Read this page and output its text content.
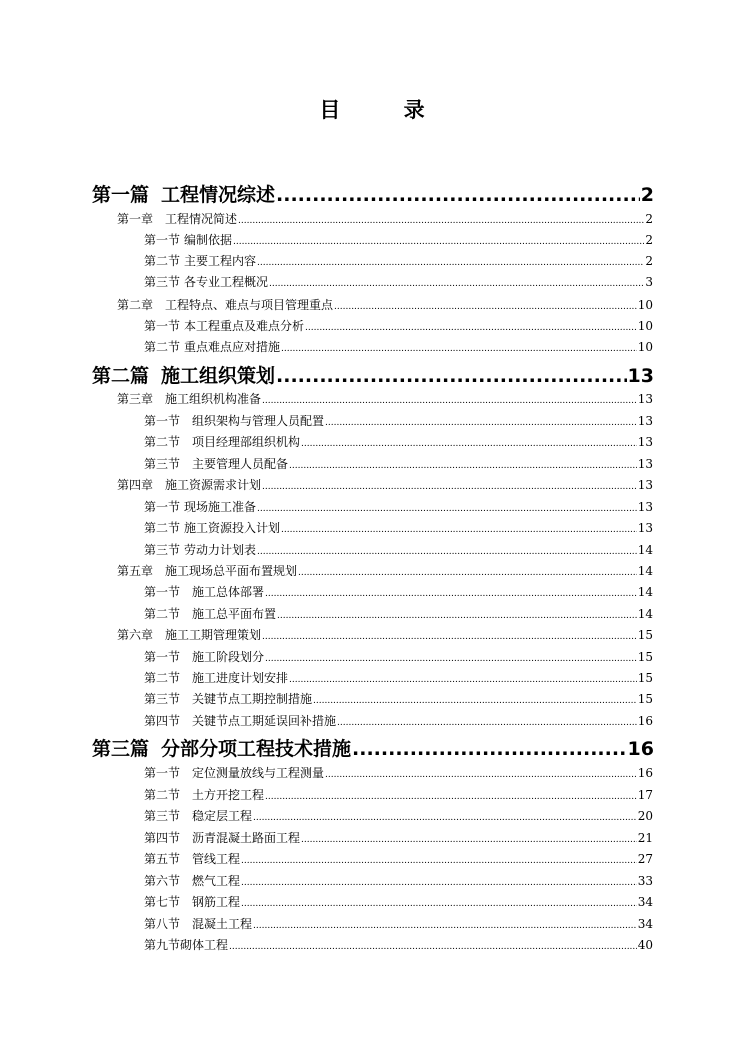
目 录
第一篇 工程情况综述 .....	2
第一章 工程情况简述 .....	2
第一节 编制依据 .....	2
第二节 主要工程内容 .....	2
第三节 各专业工程概况 .....	3
第二章 工程特点、难点与项目管理重点 .....	10
第一节 本工程重点及难点分析 .....	10
第二节 重点难点应对措施 .....	10
第二篇 施工组织策划 .....	13
第三章 施工组织机构准备 .....	13
第一节 组织架构与管理人员配置 .....	13
第二节 项目经理部组织机构 .....	13
第三节 主要管理人员配备 .....	13
第四章 施工资源需求计划 .....	13
第一节 现场施工准备 .....	13
第二节 施工资源投入计划 .....	13
第三节 劳动力计划表 .....	14
第五章 施工现场总平面布置规划 .....	14
第一节 施工总体部署 .....	14
第二节 施工总平面布置 .....	14
第六章 施工工期管理策划 .....	15
第一节 施工阶段划分 .....	15
第二节 施工进度计划安排 .....	15
第三节 关键节点工期控制措施 .....	15
第四节 关键节点工期延误回补措施 .....	16
第三篇 分部分项工程技术措施 .....	16
第一节 定位测量放线与工程测量 .....	16
第二节 土方开挖工程 .....	17
第三节 稳定层工程 .....	20
第四节 沥青混凝土路面工程 .....	21
第五节 管线工程 .....	27
第六节 燃气工程 .....	33
第七节 钢筋工程 .....	34
第八节 混凝土工程 .....	34
第九节砌体工程 .....	40
